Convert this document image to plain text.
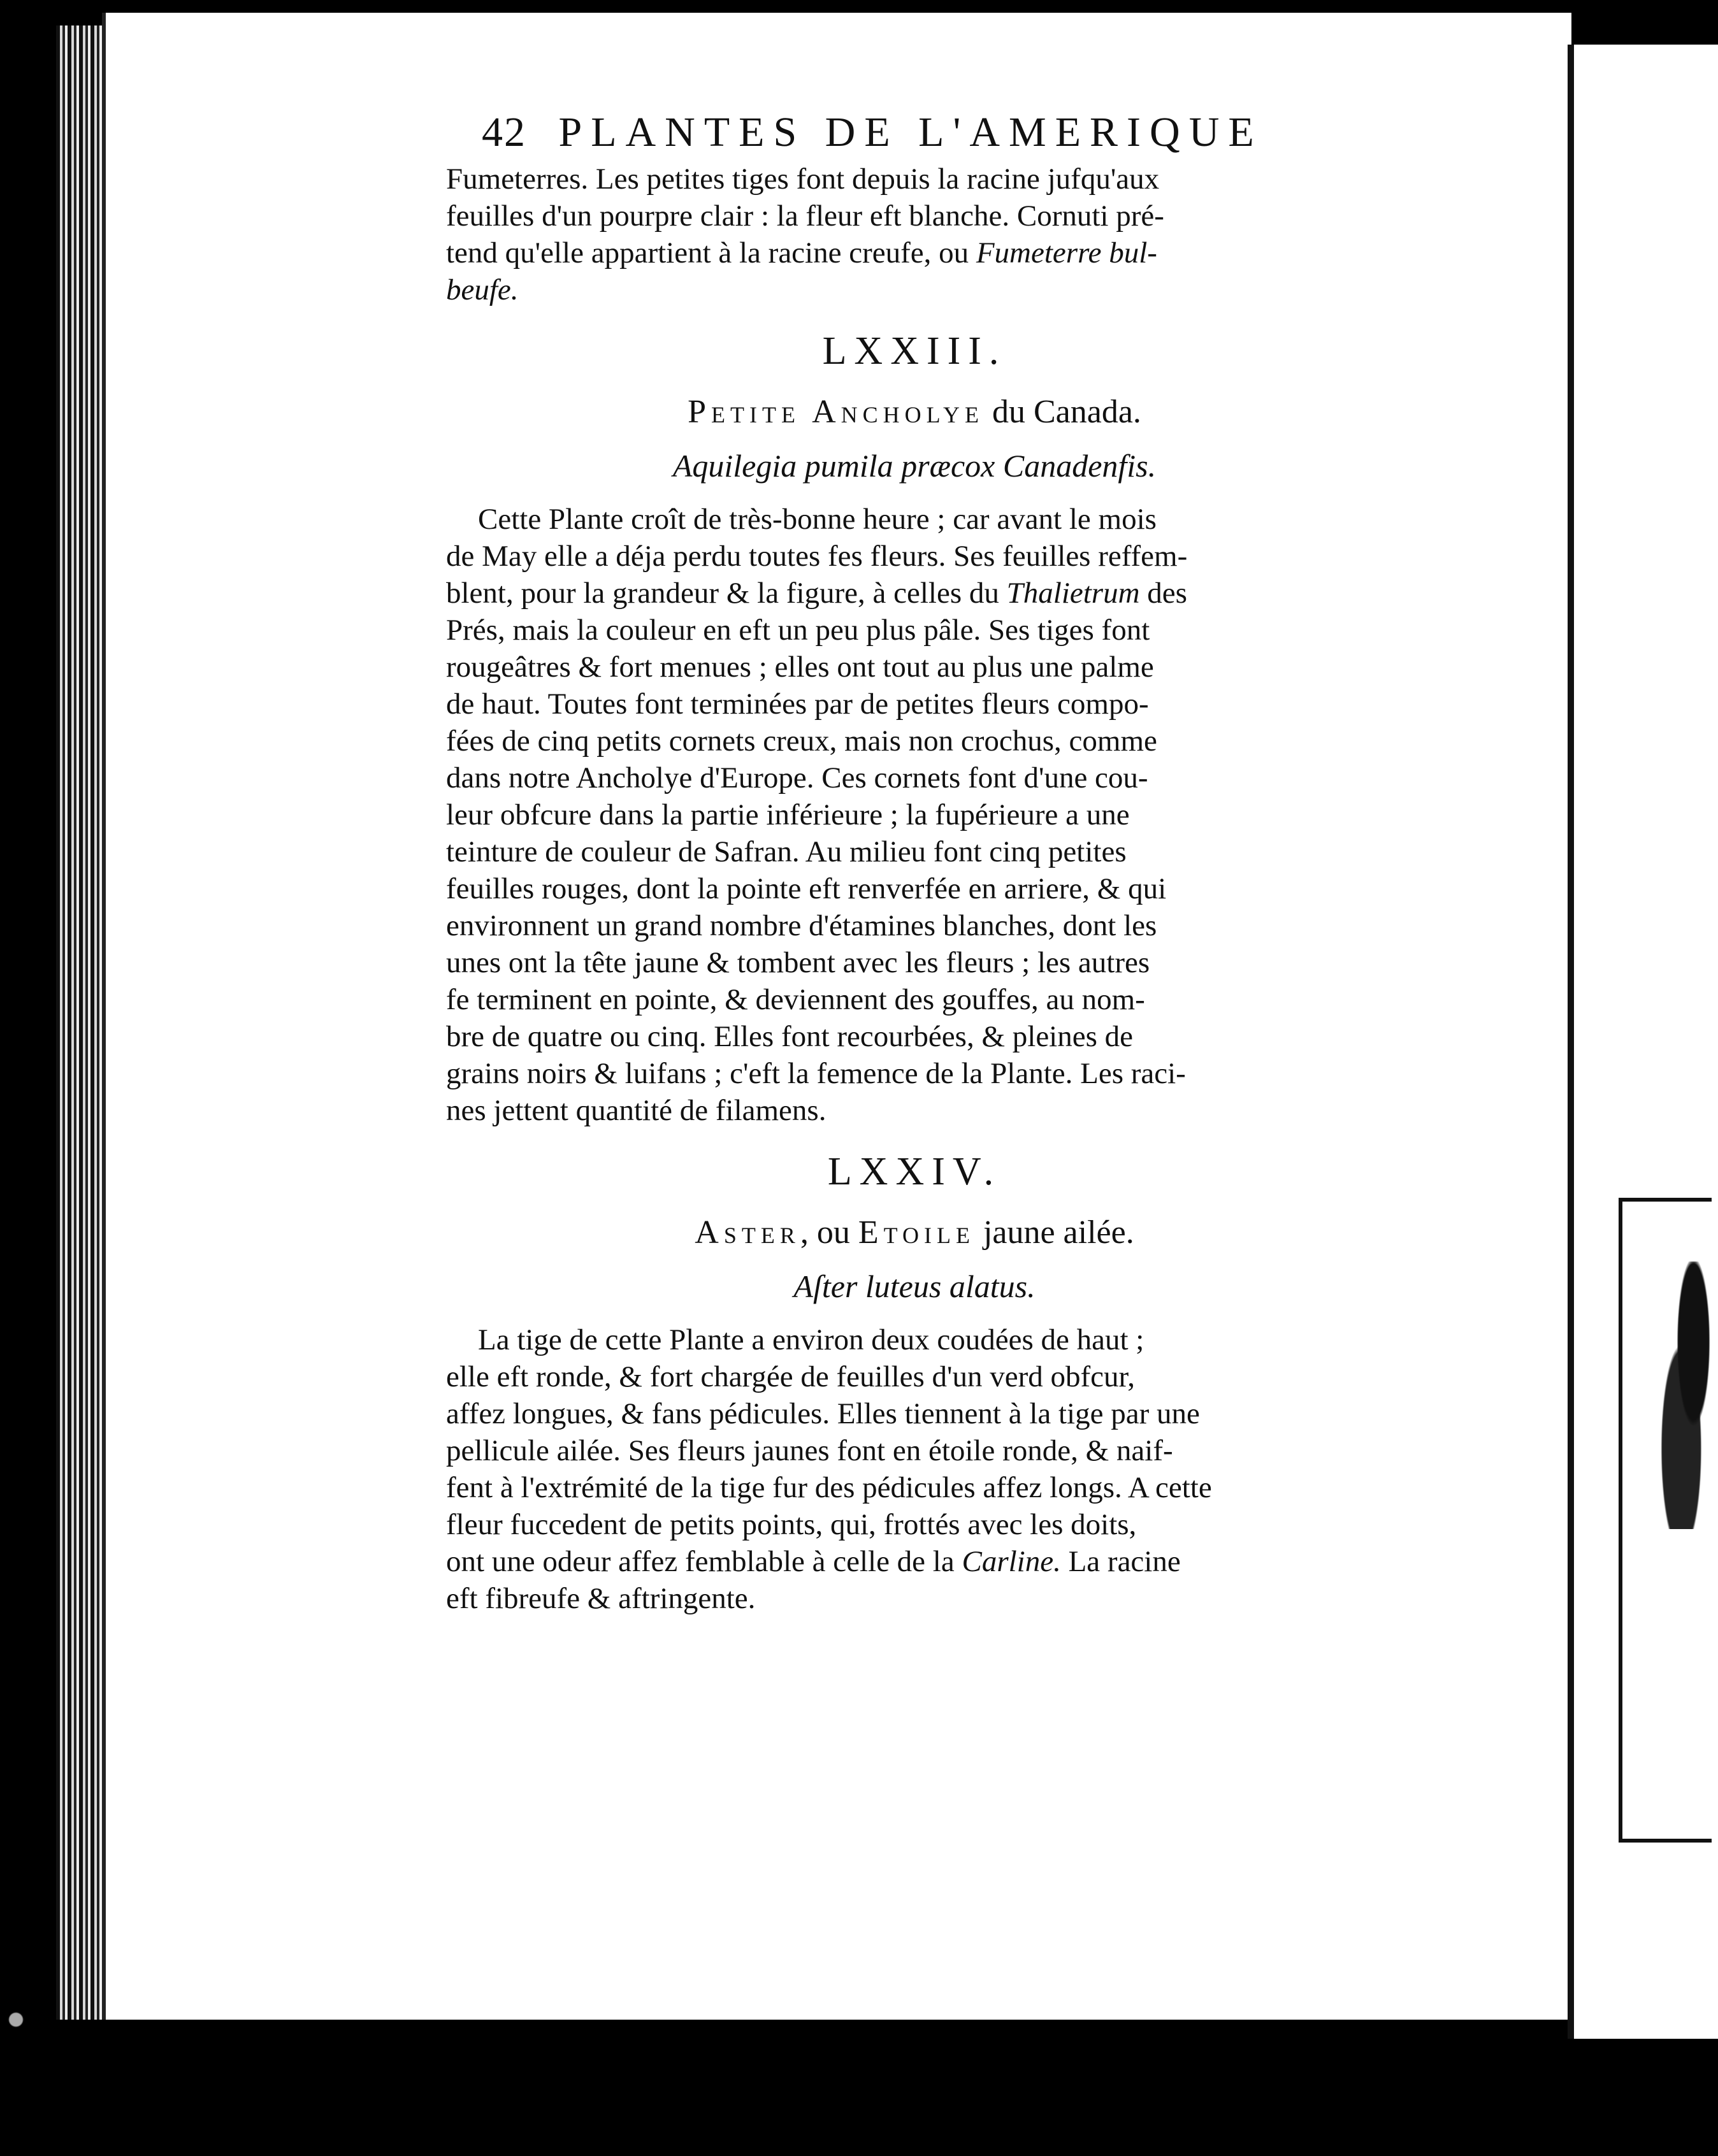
42 PLANTES DE L'AMERIQUE

Fumeterres. Les petites tiges font depuis la racine jufqu'aux
feuilles d'un pourpre clair : la fleur eft blanche. Cornuti pré-
tend qu'elle appartient à la racine creufe, ou Fumeterre bul-
beufe.

LXXIII.
Petite Ancholye du Canada.
Aquilegia pumila præcox Canadenfis.

Cette Plante croît de très-bonne heure ; car avant le mois
de May elle a déja perdu toutes fes fleurs. Ses feuilles reffem-
blent, pour la grandeur & la figure, à celles du Thalietrum des
Prés, mais la couleur en eft un peu plus pâle. Ses tiges font
rougeâtres & fort menues ; elles ont tout au plus une palme
de haut. Toutes font terminées par de petites fleurs compo-
fées de cinq petits cornets creux, mais non crochus, comme
dans notre Ancholye d'Europe. Ces cornets font d'une cou-
leur obfcure dans la partie inférieure ; la fupérieure a une
teinture de couleur de Safran. Au milieu font cinq petites
feuilles rouges, dont la pointe eft renverfée en arriere, & qui
environnent un grand nombre d'étamines blanches, dont les
unes ont la tête jaune & tombent avec les fleurs ; les autres
fe terminent en pointe, & deviennent des gouffes, au nom-
bre de quatre ou cinq. Elles font recourbées, & pleines de
grains noirs & luifans ; c'eft la femence de la Plante. Les raci-
nes jettent quantité de filamens.

LXXIV.
Aster, ou Etoile jaune ailée.
Aſter luteus alatus.

La tige de cette Plante a environ deux coudées de haut ;
elle eft ronde, & fort chargée de feuilles d'un verd obfcur,
affez longues, & fans pédicules. Elles tiennent à la tige par une
pellicule ailée. Ses fleurs jaunes font en étoile ronde, & naif-
fent à l'extrémité de la tige fur des pédicules affez longs. A cette
fleur fuccedent de petits points, qui, frottés avec les doits,
ont une odeur affez femblable à celle de la Carline. La racine
eft fibreufe & aftringente.
